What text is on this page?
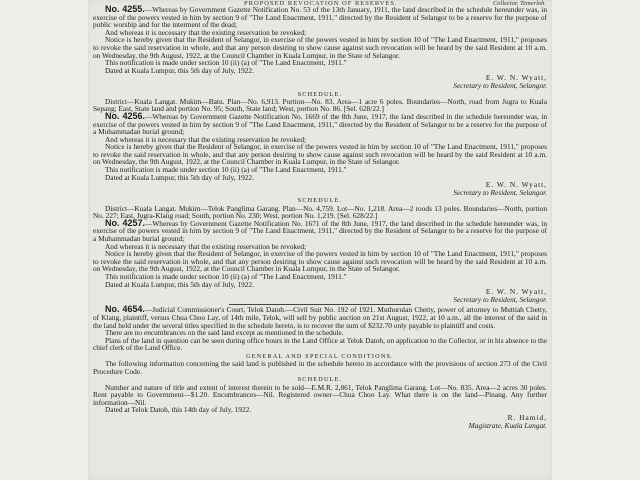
PROPOSED REVOCATION OF RESERVES.	Collector, Temerloh.

No. 4255.—Whereas by Government Gazette Notification No. 53 of the 13th January, 1911, the land described in the schedule hereunder was, in exercise of the powers vested in him by section 9 of "The Land Enactment, 1911," directed by the Resident of Selangor to be a reserve for the purpose of public worship and for the interment of the dead;

And whereas it is necessary that the existing reservation be revoked;

Notice is hereby given that the Resident of Selangor, in exercise of the powers vested in him by section 10 of "The Land Enactment, 1911," proposes to revoke the said reservation in whole, and that any person desiring to show cause against such revocation will be heard by the said Resident at 10 a.m. on Wednesday, the 9th August, 1922, at the Council Chamber in Kuala Lumpur, in the State of Selangor.

This notification is made under section 10 (ii) (a) of "The Land Enactment, 1911."

Dated at Kuala Lumpur, this 5th day of July, 1922.

E. W. N. Wyatt,
Secretary to Resident, Selangor.
SCHEDULE.

District—Kuala Langat. Mukim—Batu. Plan—No. 6,913. Portion—No. 83. Area—1 acre 6 poles. Boundaries—North, road from Jugra to Kuala Sepang; East, State land and portion No. 95; South, State land; West, portion No. 86. [Sel. 628/22.]

No. 4256.—Whereas by Government Gazette Notification No. 1669 of the 8th June, 1917, the land described in the schedule hereunder was, in exercise of the powers vested in him by section 9 of "The Land Enactment, 1911," directed by the Resident of Selangor to be a reserve for the purpose of a Muhammadan burial ground;

And whereas it is necessary that the existing reservation be revoked;

Notice is hereby given that the Resident of Selangor, in exercise of the powers vested in him by section 10 of "The Land Enactment, 1911," proposes to revoke the said reservation in whole, and that any person desiring to show cause against such revocation will be heard by the said Resident at 10 a.m. on Wednesday, the 9th August, 1922, at the Council Chamber in Kuala Lumpur, in the State of Selangor.

This notification is made under section 10 (ii) (a) of "The Land Enactment, 1911."

Dated at Kuala Lumpur, this 5th day of July, 1922.

E. W. N. Wyatt,
Secretary to Resident, Selangor.
SCHEDULE.

District—Kuala Langat. Mukim—Telok Panglima Garang. Plan—No. 4,759. Lot—No. 1,218. Area—2 roods 13 poles. Boundaries—North, portion No. 227; East, Jugra-Klang road; South, portion No. 230; West, portion No. 1,219. [Sel. 628/22.]

No. 4257.—Whereas by Government Gazette Notification No. 1671 of the 8th June, 1917, the land described in the schedule hereunder was, in exercise of the powers vested in him by section 9 of "The Land Enactment, 1911," directed by the Resident of Selangor to be a reserve for the purpose of a Muhammadan burial ground;

And whereas it is necessary that the existing reservation be revoked;

Notice is hereby given that the Resident of Selangor, in exercise of the powers vested in him by section 10 of "The Land Enactment, 1911," proposes to revoke the said reservation in whole, and that any person desiring to show cause against such revocation will be heard by the said Resident at 10 a.m. on Wednesday, the 9th August, 1922, at the Council Chamber in Kuala Lumpur, in the State of Selangor.

This notification is made under section 10 (ii) (a) of "The Land Enactment, 1911."

Dated at Kuala Lumpur, this 5th day of July, 1922.

E. W. N. Wyatt,
Secretary to Resident, Selangor.

No. 4654.—Judicial Commissioner's Court, Telok Datoh.—Civil Suit No. 192 of 1921. Muthurulan Chetty, power of attorney to Muttiah Chetty, of Klang, plaintiff, versus Chua Choo Lay, of 14th mile, Telok, will sell by public auction on 21st August, 1922, at 10 a.m., all the interest of the said in the land held under the several titles specified in the schedule hereto, is to recover the sum of $232.70 only payable to plaintiff and costs.

There are no encumbrances on the said land except as mentioned in the schedule.

Plans of the land in question can be seen during office hours in the Land Office at Telok Datoh, on application to the Collector, or in his absence to the chief clerk of the Land Office.

GENERAL AND SPECIAL CONDITIONS.

The following information concerning the said land is published in the schedule hereto in accordance with the provisions of section 273 of the Civil Procedure Code.

SCHEDULE.

Number and nature of title and extent of interest therein to be sold—E.M.R. 2,861, Telok Panglima Garang. Lot—No. 835. Area—2 acres 30 poles. Rent payable to Government—$1.20. Encumbrances—Nil. Registered owner—Chua Choo Lay. What there is on the land—Pinang. Any further information—Nil.

Dated at Telok Datoh, this 14th day of July, 1922.

R. Hamid,
Magistrate, Kuala Langat.
